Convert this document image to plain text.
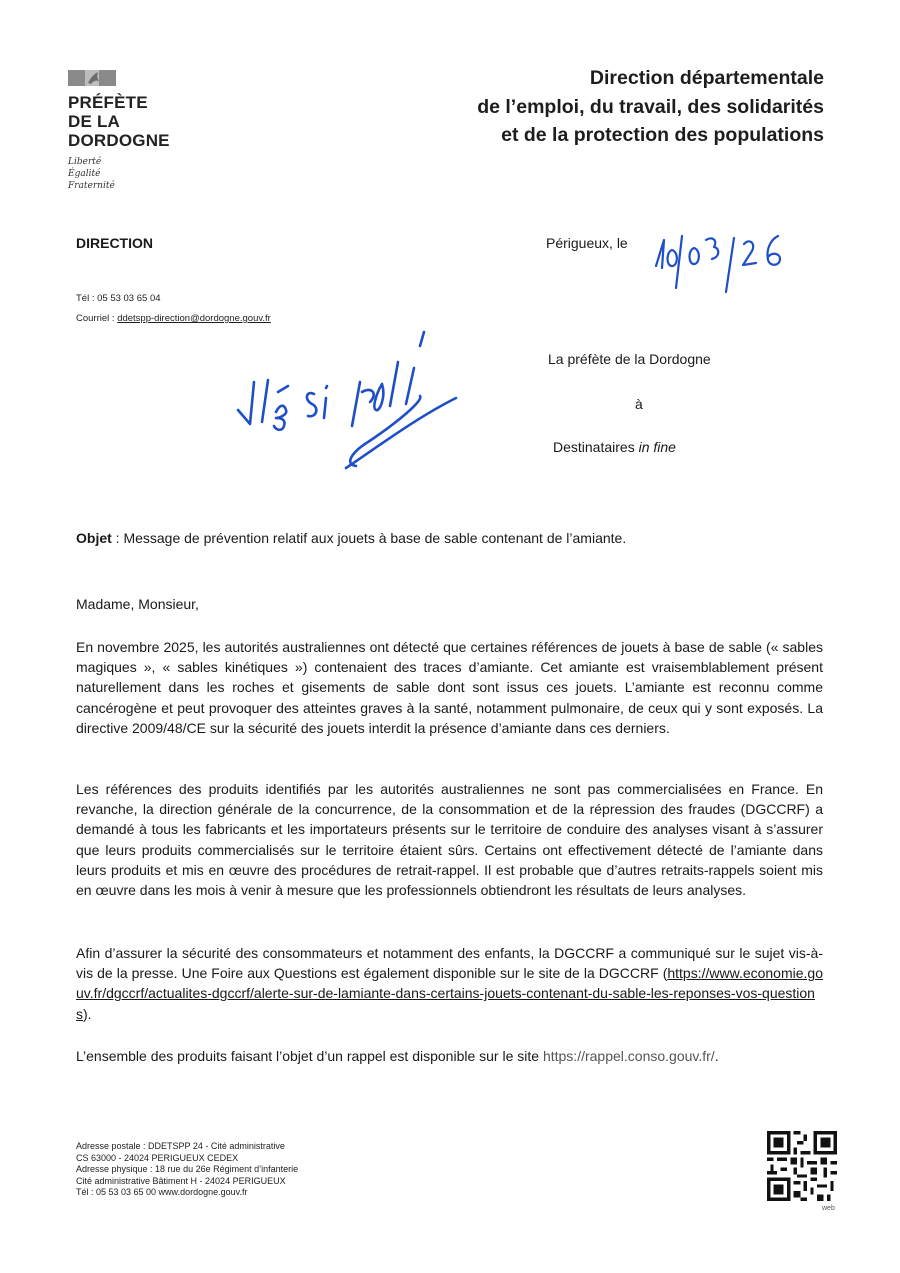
PRÉFÈTE
DE LA
DORDOGNE
Liberté
Égalité
Fraternité
Direction départementale
de l’emploi, du travail, des solidarités
et de la protection des populations
DIRECTION	Périgueux, le
Tél : 05 53 03 65 04
Courriel : ddetspp-direction@dordogne.gouv.fr
La préfète de la Dordogne
à
Destinataires in fine
Objet : Message de prévention relatif aux jouets à base de sable contenant de l’amiante.
Madame, Monsieur,
En novembre 2025, les autorités australiennes ont détecté que certaines références de jouets à base de sable (« sables magiques », « sables kinétiques ») contenaient des traces d’amiante. Cet amiante est vraisemblablement présent naturellement dans les roches et gisements de sable dont sont issus ces jouets. L’amiante est reconnu comme cancérogène et peut provoquer des atteintes graves à la santé, notamment pulmonaire, de ceux qui y sont exposés. La directive 2009/48/CE sur la sécurité des jouets interdit la présence d’amiante dans ces derniers.
Les références des produits identifiés par les autorités australiennes ne sont pas commercialisées en France. En revanche, la direction générale de la concurrence, de la consommation et de la répression des fraudes (DGCCRF) a demandé à tous les fabricants et les importateurs présents sur le territoire de conduire des analyses visant à s’assurer que leurs produits commercialisés sur le territoire étaient sûrs. Certains ont effectivement détecté de l’amiante dans leurs produits et mis en œuvre des procédures de retrait-rappel. Il est probable que d’autres retraits-rappels soient mis en œuvre dans les mois à venir à mesure que les professionnels obtiendront les résultats de leurs analyses.
Afin d’assurer la sécurité des consommateurs et notamment des enfants, la DGCCRF a communiqué sur le sujet vis-à-vis de la presse. Une Foire aux Questions est également disponible sur le site de la DGCCRF (https://www.economie.gouv.fr/dgccrf/actualites-dgccrf/alerte-sur-de-lamiante-dans-certains-jouets-contenant-du-sable-les-reponses-vos-questions).
L’ensemble des produits faisant l’objet d’un rappel est disponible sur le site https://rappel.conso.gouv.fr/.
Adresse postale : DDETSPP 24 - Cité administrative
CS 63000 - 24024 PERIGUEUX CEDEX
Adresse physique : 18 rue du 26e Régiment d’infanterie
Cité administrative Bâtiment H - 24024 PERIGUEUX
Tél : 05 53 03 65 00 www.dordogne.gouv.fr
web
